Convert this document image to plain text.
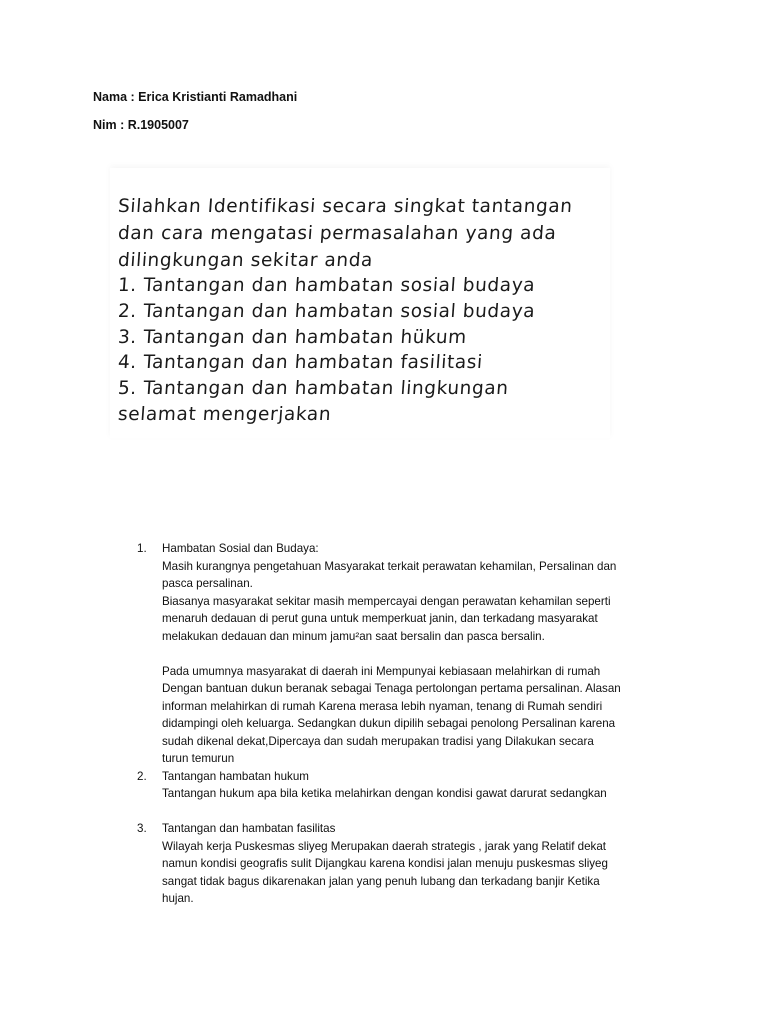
Nama : Erica Kristianti Ramadhani
Nim : R.1905007
Silahkan Identifikasi secara singkat tantangan
dan cara mengatasi permasalahan yang ada
dilingkungan sekitar anda
1. Tantangan dan hambatan sosial budaya
2. Tantangan dan hambatan sosial budaya
3. Tantangan dan hambatan hükum
4. Tantangan dan hambatan fasilitasi
5. Tantangan dan hambatan lingkungan
selamat mengerjakan
1. Hambatan Sosial dan Budaya:
Masih kurangnya pengetahuan Masyarakat terkait perawatan kehamilan, Persalinan dan
pasca persalinan.
Biasanya masyarakat sekitar masih mempercayai dengan perawatan kehamilan seperti
menaruh dedauan di perut guna untuk memperkuat janin, dan terkadang masyarakat
melakukan dedauan dan minum jamu²an saat bersalin dan pasca bersalin.
Pada umumnya masyarakat di daerah ini Mempunyai kebiasaan melahirkan di rumah
Dengan bantuan dukun beranak sebagai Tenaga pertolongan pertama persalinan. Alasan
informan melahirkan di rumah Karena merasa lebih nyaman, tenang di Rumah sendiri
didampingi oleh keluarga. Sedangkan dukun dipilih sebagai penolong Persalinan karena
sudah dikenal dekat,Dipercaya dan sudah merupakan tradisi yang Dilakukan secara
turun temurun
2. Tantangan hambatan hukum
Tantangan hukum apa bila ketika melahirkan dengan kondisi gawat darurat sedangkan
3. Tantangan dan hambatan fasilitas
Wilayah kerja Puskesmas sliyeg Merupakan daerah strategis , jarak yang Relatif dekat
namun kondisi geografis sulit Dijangkau karena kondisi jalan menuju puskesmas sliyeg
sangat tidak bagus dikarenakan jalan yang penuh lubang dan terkadang banjir Ketika
hujan.
